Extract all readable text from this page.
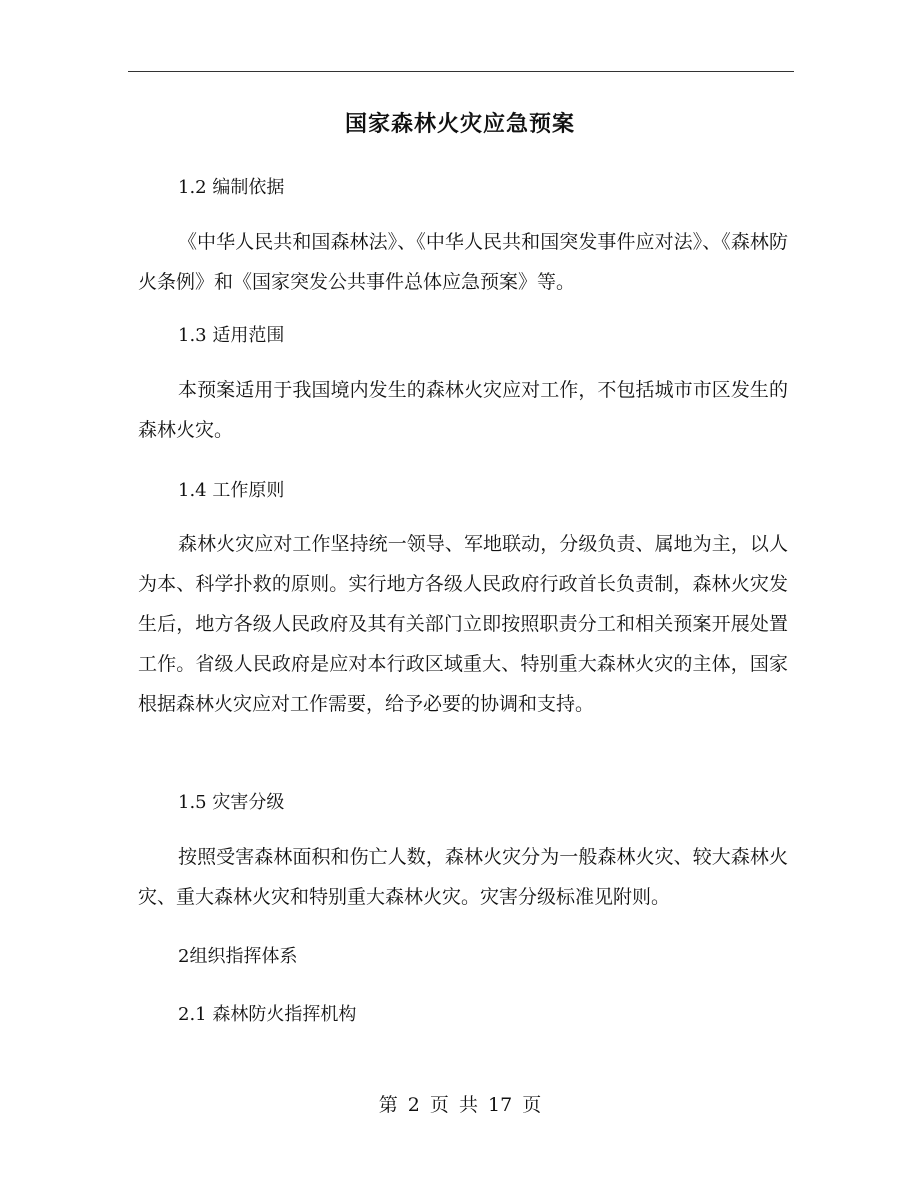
国家森林火灾应急预案

1.2 编制依据

《中华人民共和国森林法》、《中华人民共和国突发事件应对法》、《森林防火条例》和《国家突发公共事件总体应急预案》等。

1.3 适用范围

本预案适用于我国境内发生的森林火灾应对工作，不包括城市市区发生的森林火灾。

1.4 工作原则

森林火灾应对工作坚持统一领导、军地联动，分级负责、属地为主，以人为本、科学扑救的原则。实行地方各级人民政府行政首长负责制，森林火灾发生后，地方各级人民政府及其有关部门立即按照职责分工和相关预案开展处置工作。省级人民政府是应对本行政区域重大、特别重大森林火灾的主体，国家根据森林火灾应对工作需要，给予必要的协调和支持。

1.5 灾害分级

按照受害森林面积和伤亡人数，森林火灾分为一般森林火灾、较大森林火灾、重大森林火灾和特别重大森林火灾。灾害分级标准见附则。

2组织指挥体系

2.1 森林防火指挥机构

第 2 页 共 17 页
